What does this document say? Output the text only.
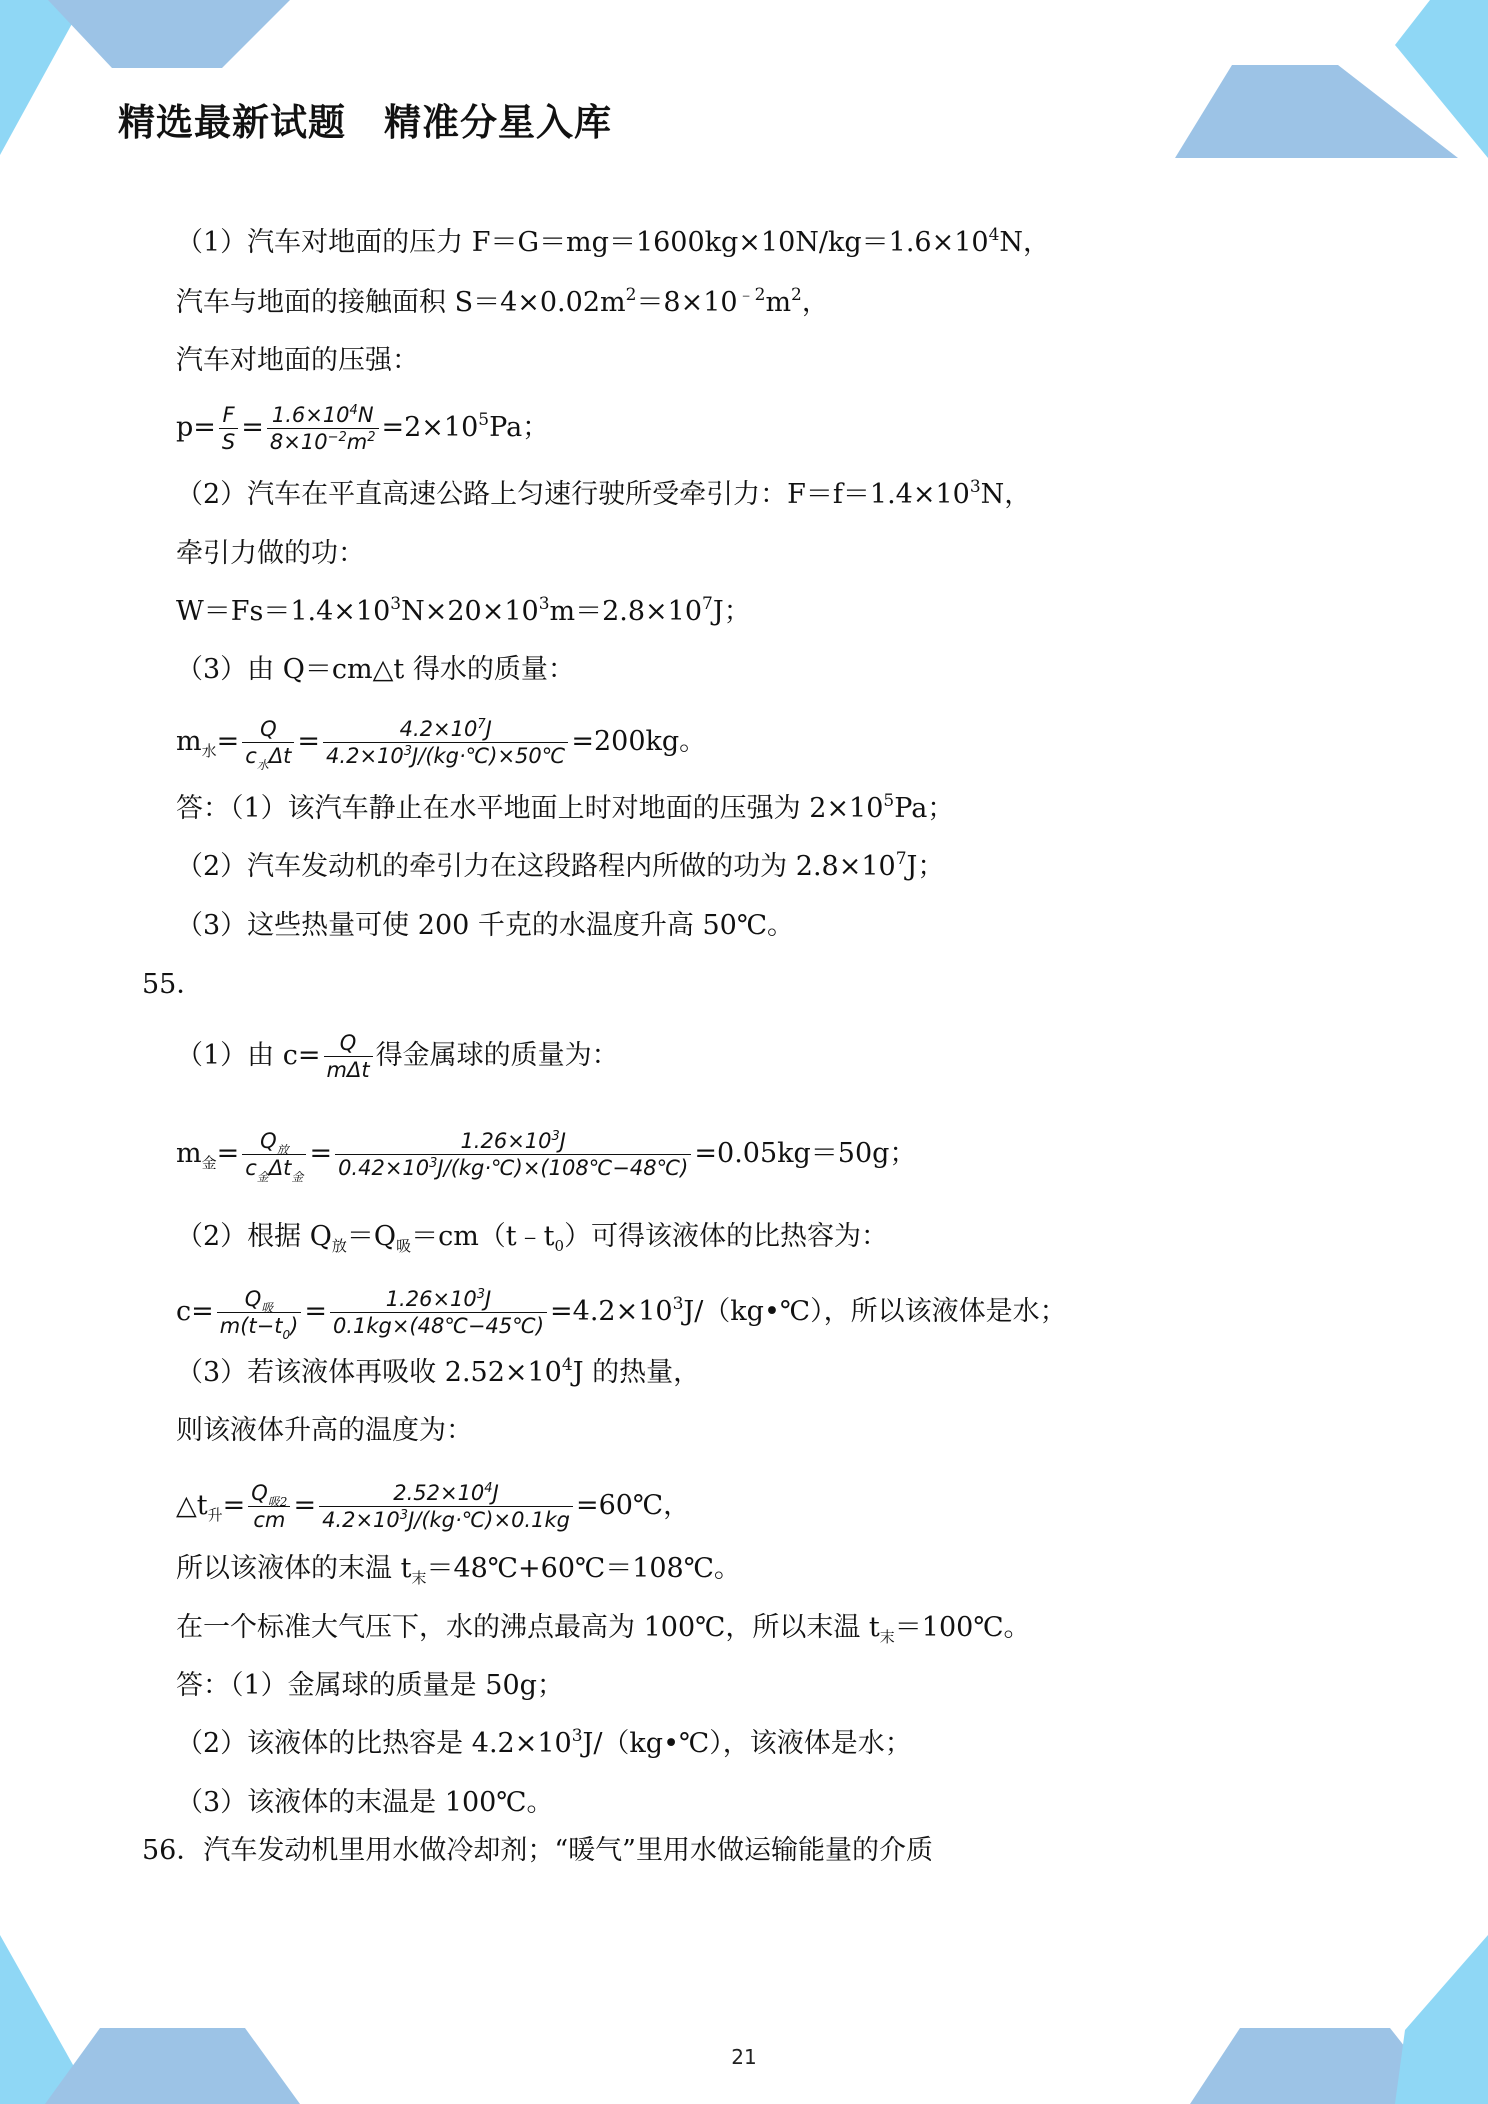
精选最新试题　精准分星入库
（1）汽车对地面的压力 $F=G=mg=1600kg\times 10N/kg=1.6\times 10^4N$，
汽车与地面的接触面积 $S=4\times 0.02m^2=8\times 10^{﹣2}m^2$，
汽车对地面的压强：
$p= \frac{F}{S} = \frac{1.6\times 10^4N}{8\times 10^{-2}m^2} =2\times 10^5Pa$；
（2）汽车在平直高速公路上匀速行驶所受牵引力：$F=f=1.4\times 10^3N$，
牵引力做的功：
$W=Fs=1.4\times 10^3N\times 20\times 10^3m=2.8\times 10^7J$；
（3）由 Q＝cm△t 得水的质量：
$m_水= \frac{Q}{c_水\Delta t} = \frac{4.2\times 10^7J}{4.2\times 10^3J/(kg\cdot℃)\times 50℃} =200kg$。
答：（1）该汽车静止在水平地面上时对地面的压强为 $2\times 10^5Pa$；
（2）汽车发动机的牵引力在这段路程内所做的功为 $2.8\times 10^7J$；
（3）这些热量可使 200 千克的水温度升高 50℃。
55．
（1）由 $c= \frac{Q}{\text{mΔt}}$ 得金属球的质量为：
$m_金= \frac{Q_放}{c_金\Delta t_金} = \frac{1.26\times 10^3J}{0.42\times 10^3J/(kg\cdot℃)\times(108℃-48℃)} =0.05kg=50g$；
（2）根据 $Q_放=Q_吸=cm(t﹣t_0)$可得该液体的比热容为：
$c= \frac{Q_吸}{m(t-t_0)} = \frac{1.26\times 10^3J}{0.1kg\times(48℃-45℃)}$ $=4.2\times 10^3J/(kg•℃)$，所以该液体是水；
（3）若该液体再吸收 $2.52\times 10^4J$ 的热量，
则该液体升高的温度为：
$\triangle t_升= \frac{Q_{吸2}}{cm} = \frac{2.52\times 10^4J}{4.2\times 10^3J/(kg\cdot℃)\times 0.1kg}$ =60℃，
所以该液体的末温 $t_末=48℃+60℃=108℃$。
在一个标准大气压下，水的沸点最高为 100℃，所以末温 $t_末=100℃$。
答：（1）金属球的质量是 50g；
（2）该液体的比热容是 $4.2\times 10^3J/(kg•℃)$，该液体是水；
（3）该液体的末温是 100℃。
56．汽车发动机里用水做冷却剂；“暖气”里用水做运输能量的介质
21
